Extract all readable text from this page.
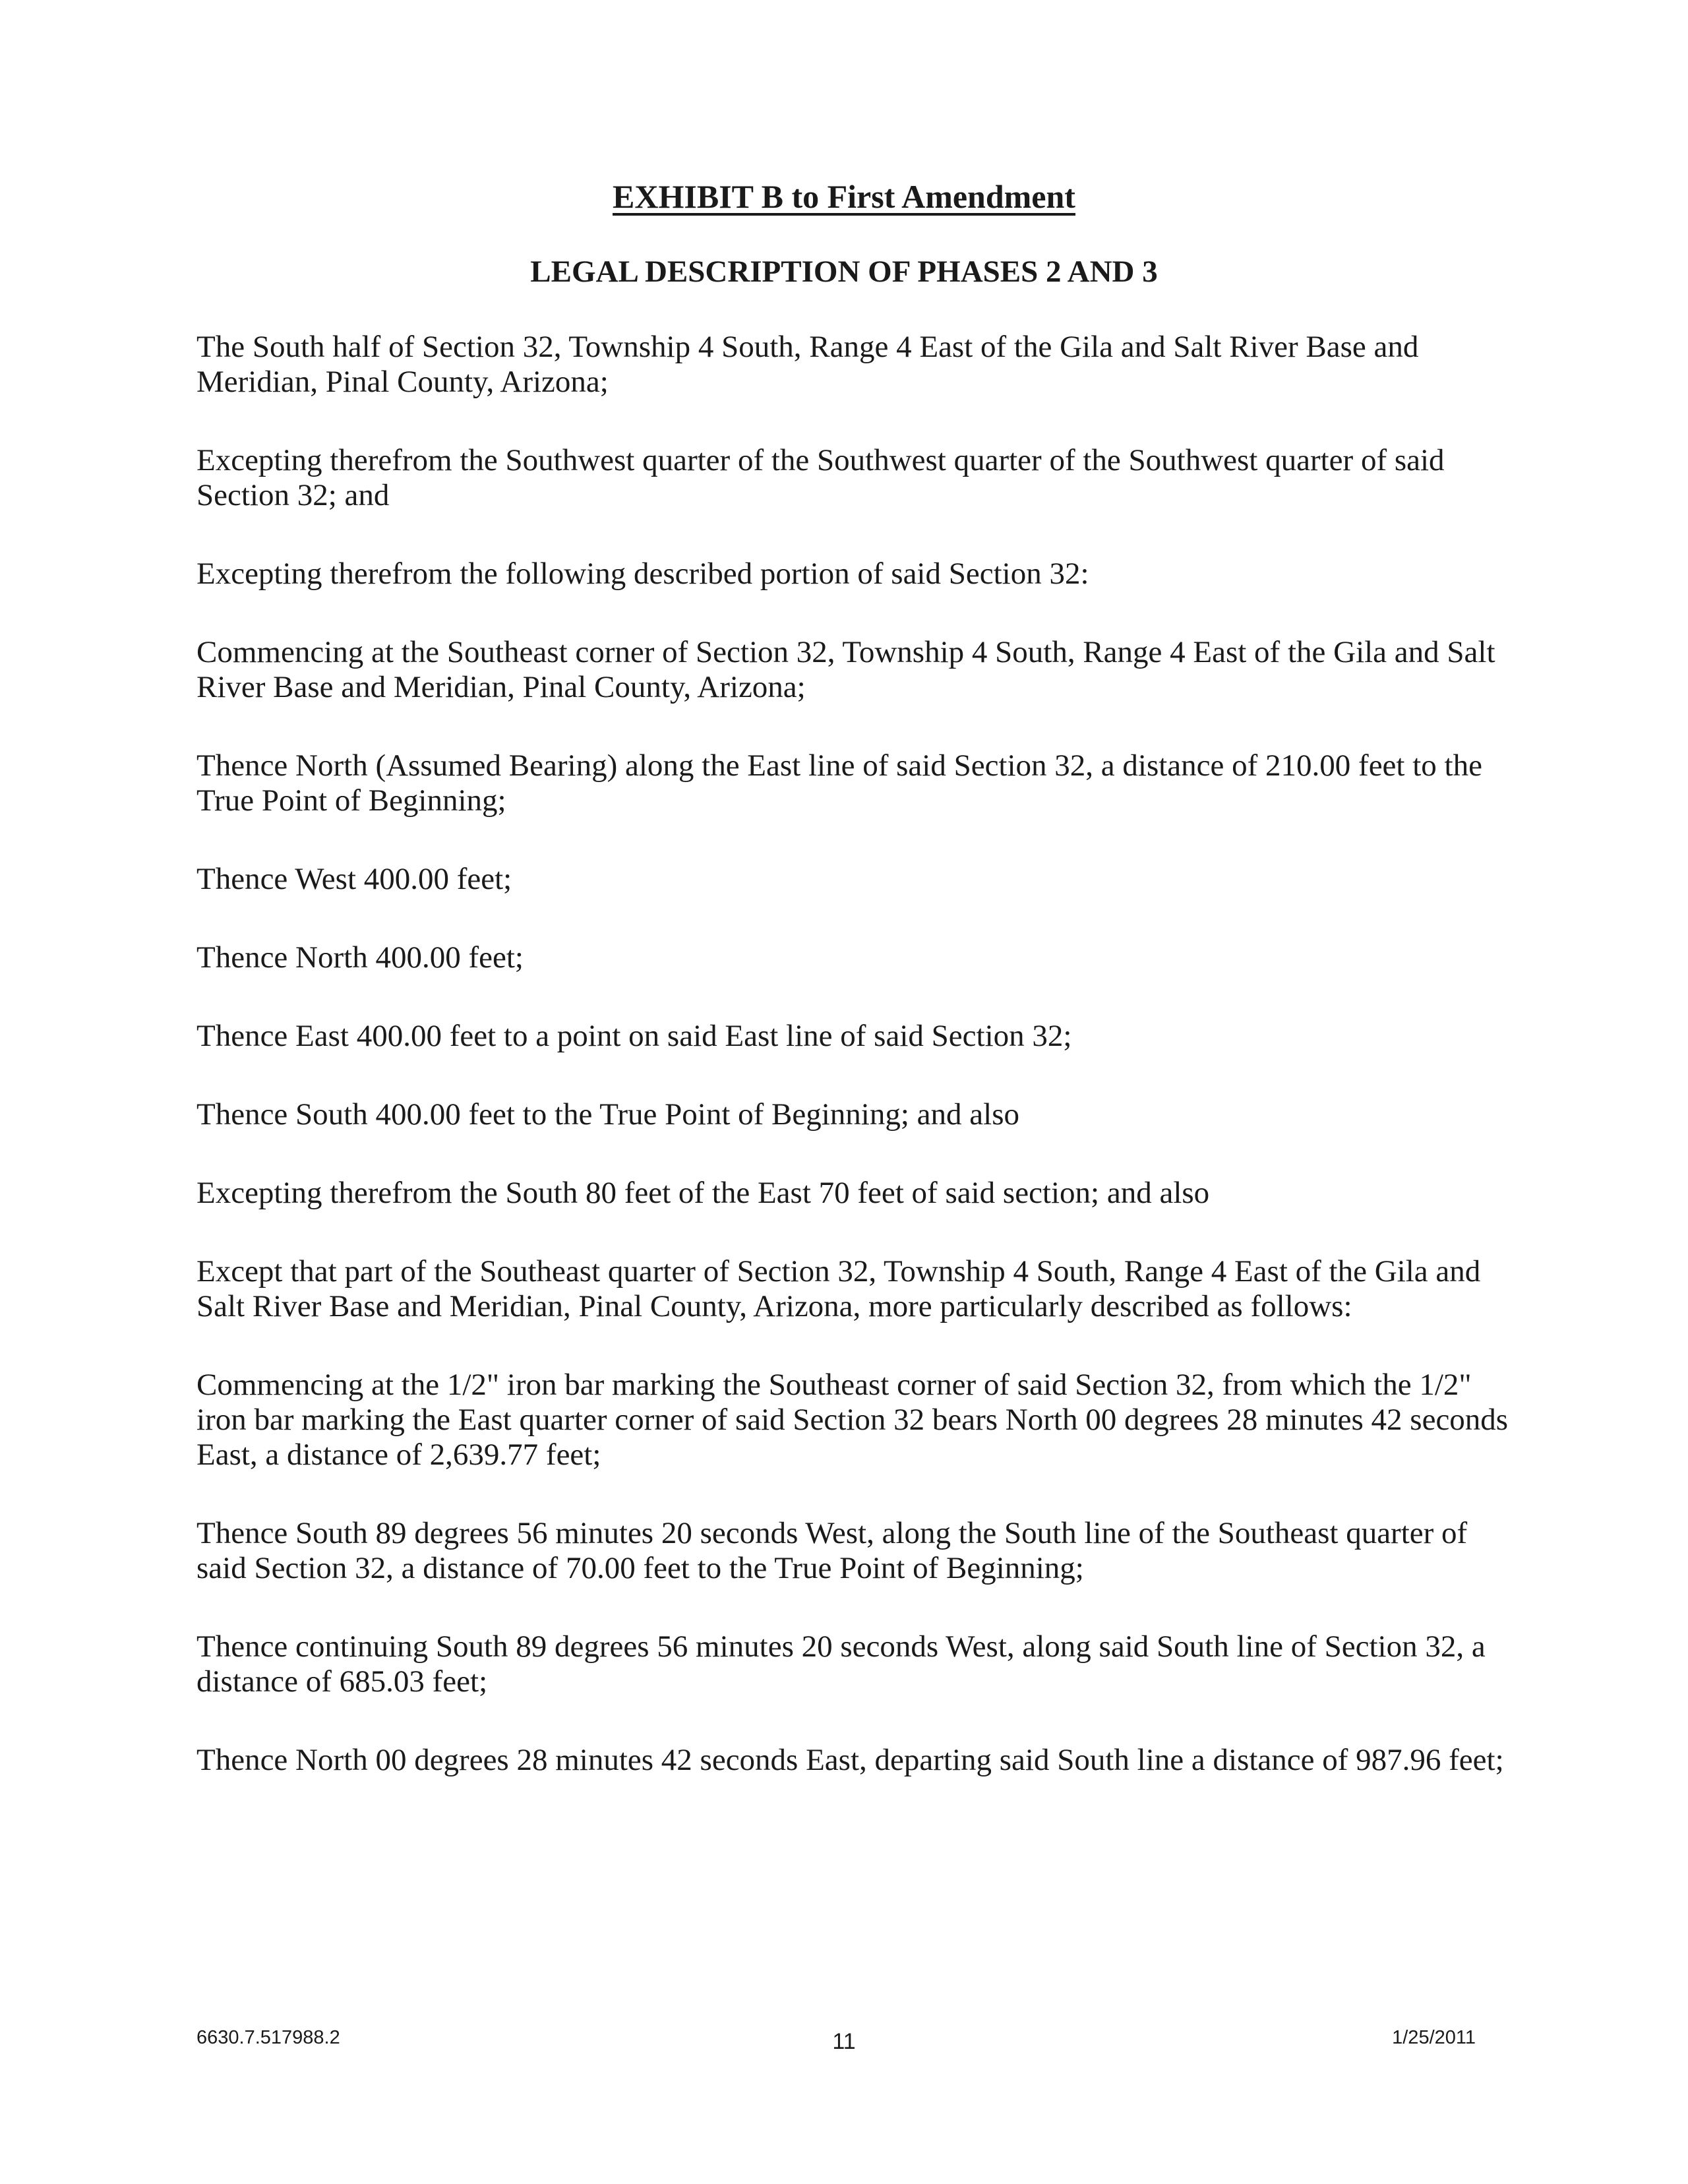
EXHIBIT B to First Amendment
LEGAL DESCRIPTION OF PHASES 2 AND 3

The South half of Section 32, Township 4 South, Range 4 East of the Gila and Salt River Base and Meridian, Pinal County, Arizona;

Excepting therefrom the Southwest quarter of the Southwest quarter of the Southwest quarter of said Section 32; and

Excepting therefrom the following described portion of said Section 32:

Commencing at the Southeast corner of Section 32, Township 4 South, Range 4 East of the Gila and Salt River Base and Meridian, Pinal County, Arizona;

Thence North (Assumed Bearing) along the East line of said Section 32, a distance of 210.00 feet to the True Point of Beginning;

Thence West 400.00 feet;

Thence North 400.00 feet;

Thence East 400.00 feet to a point on said East line of said Section 32;

Thence South 400.00 feet to the True Point of Beginning; and also

Excepting therefrom the South 80 feet of the East 70 feet of said section; and also

Except that part of the Southeast quarter of Section 32, Township 4 South, Range 4 East of the Gila and Salt River Base and Meridian, Pinal County, Arizona, more particularly described as follows:

Commencing at the 1/2" iron bar marking the Southeast corner of said Section 32, from which the 1/2" iron bar marking the East quarter corner of said Section 32 bears North 00 degrees 28 minutes 42 seconds East, a distance of 2,639.77 feet;

Thence South 89 degrees 56 minutes 20 seconds West, along the South line of the Southeast quarter of said Section 32, a distance of 70.00 feet to the True Point of Beginning;

Thence continuing South 89 degrees 56 minutes 20 seconds West, along said South line of Section 32, a distance of 685.03 feet;

Thence North 00 degrees 28 minutes 42 seconds East, departing said South line a distance of 987.96 feet;

6630.7.517988.2	11	1/25/2011
